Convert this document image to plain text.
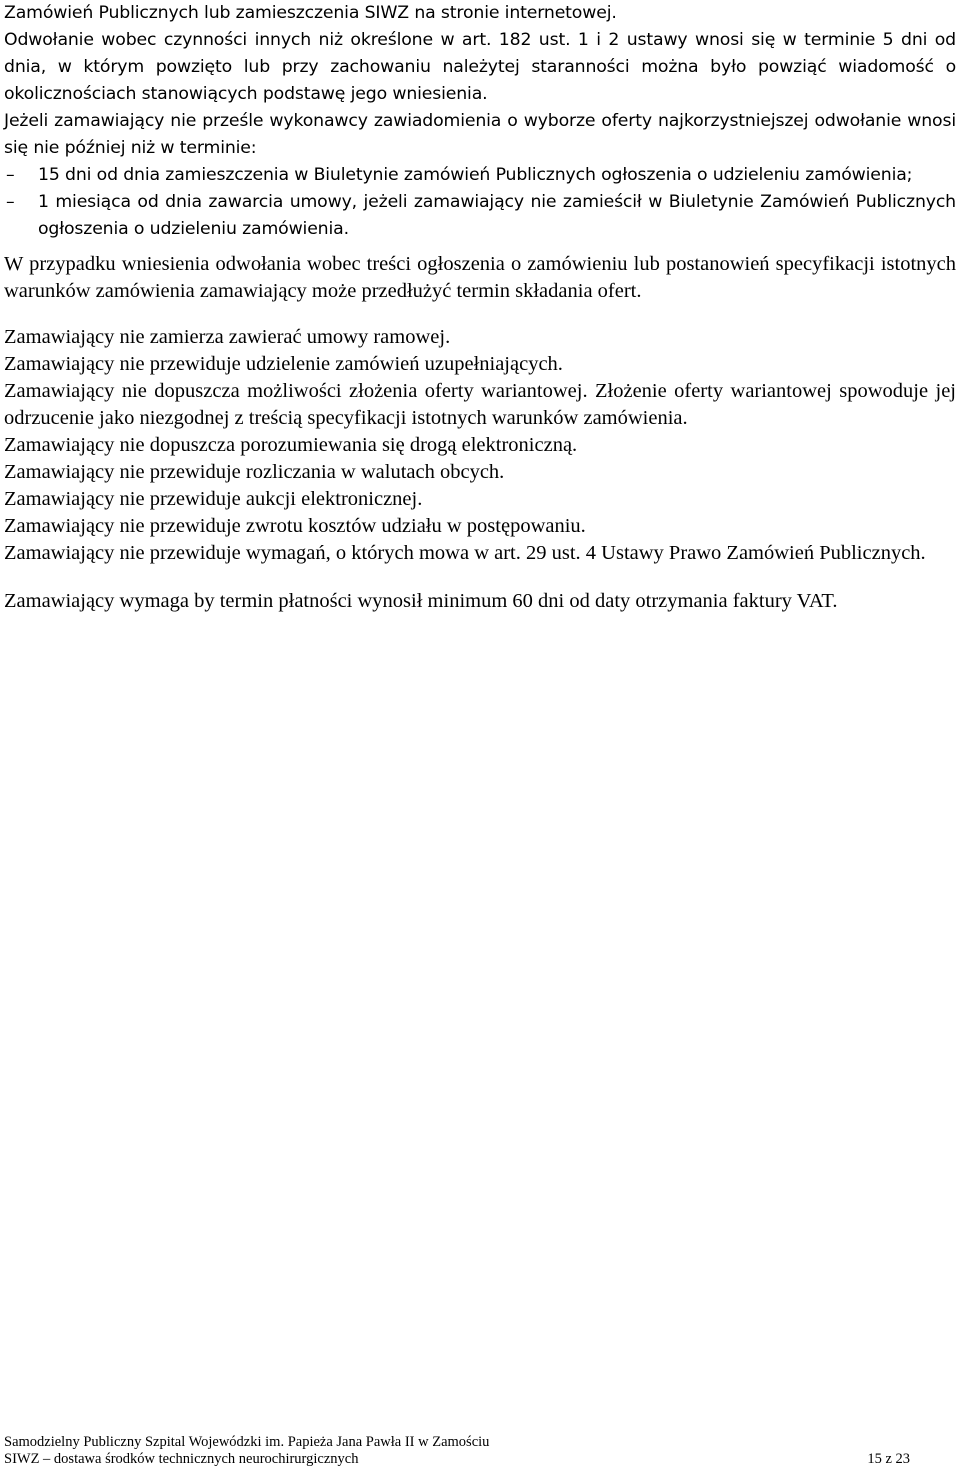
Zamówień Publicznych lub zamieszczenia SIWZ na stronie internetowej.

Odwołanie wobec czynności innych niż określone w art. 182 ust. 1 i 2 ustawy wnosi się w terminie 5 dni od dnia, w którym powzięto lub przy zachowaniu należytej staranności można było powziąć wiadomość o okolicznościach stanowiących podstawę jego wniesienia.

Jeżeli zamawiający nie prześle wykonawcy zawiadomienia o wyborze oferty najkorzystniejszej odwołanie wnosi się nie później niż w terminie:

– 15 dni od dnia zamieszczenia w Biuletynie zamówień Publicznych ogłoszenia o udzieleniu zamówienia;
– 1 miesiąca od dnia zawarcia umowy, jeżeli zamawiający nie zamieścił w Biuletynie Zamówień Publicznych ogłoszenia o udzieleniu zamówienia.

W przypadku wniesienia odwołania wobec treści ogłoszenia o zamówieniu lub postanowień specyfikacji istotnych warunków zamówienia zamawiający może przedłużyć termin składania ofert.

Zamawiający nie zamierza zawierać umowy ramowej.

Zamawiający nie przewiduje udzielenie zamówień uzupełniających.

Zamawiający nie dopuszcza możliwości złożenia oferty wariantowej. Złożenie oferty wariantowej spowoduje jej odrzucenie jako niezgodnej z treścią specyfikacji istotnych warunków zamówienia.

Zamawiający nie dopuszcza porozumiewania się drogą elektroniczną.

Zamawiający nie przewiduje rozliczania w walutach obcych.

Zamawiający nie przewiduje aukcji elektronicznej.

Zamawiający nie przewiduje zwrotu kosztów udziału w postępowaniu.

Zamawiający nie przewiduje wymagań, o których mowa w art. 29 ust. 4 Ustawy Prawo Zamówień Publicznych.

Zamawiający wymaga by termin płatności wynosił minimum 60 dni od daty otrzymania faktury VAT.

Samodzielny Publiczny Szpital Wojewódzki im. Papieża Jana Pawła II w Zamościu
SIWZ – dostawa środków technicznych neurochirurgicznych	15 z 23
